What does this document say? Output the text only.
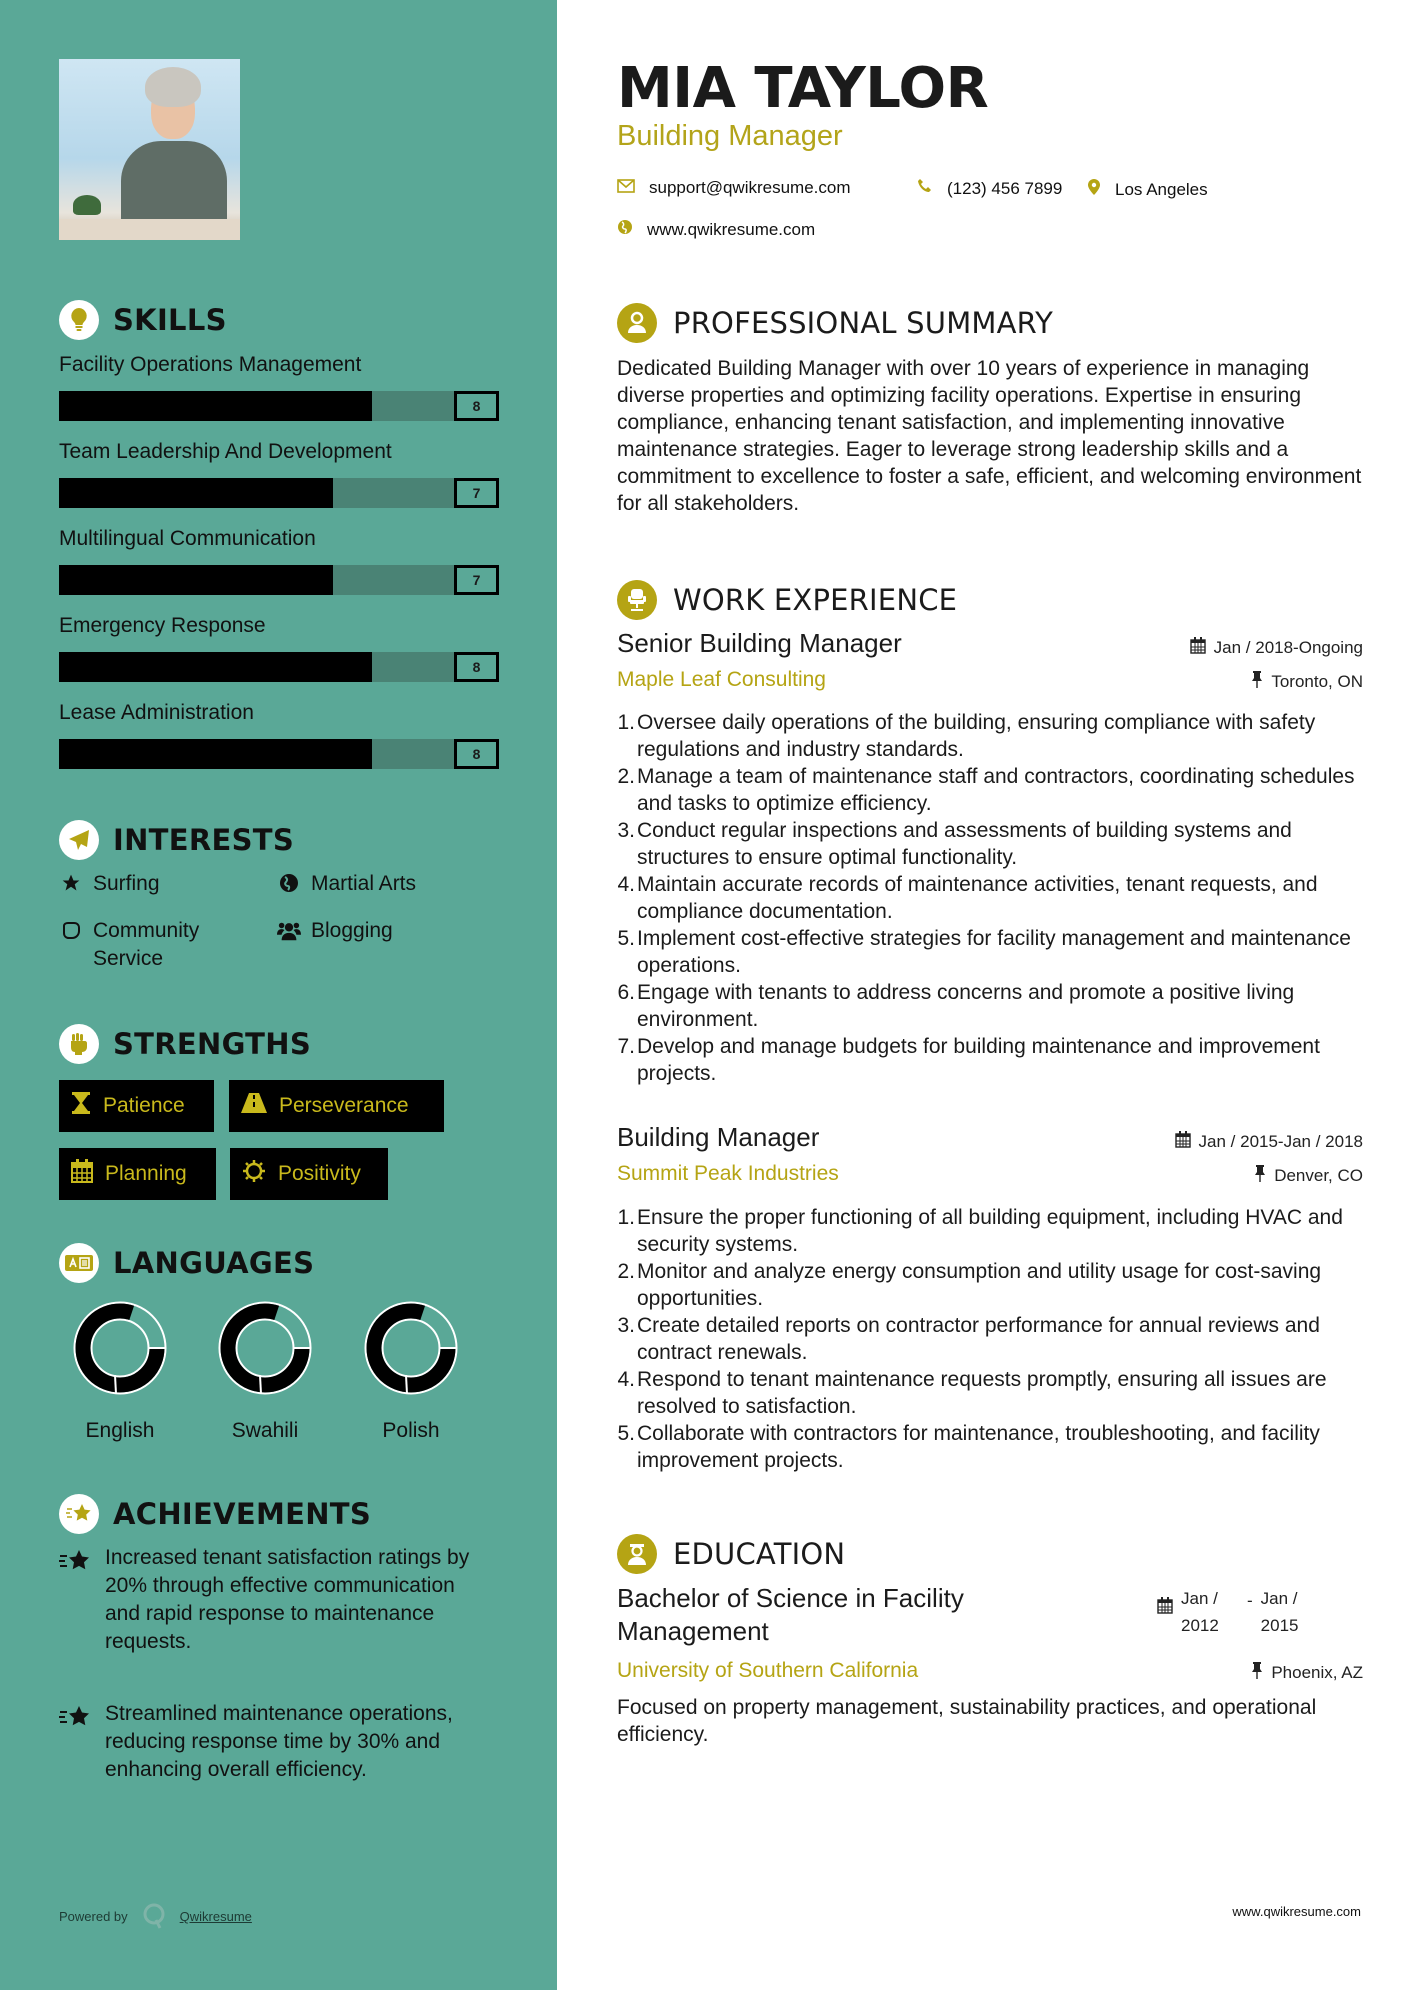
SKILLS
Facility Operations Management
8
Team Leadership And Development
7
Multilingual Communication
7
Emergency Response
8
Lease Administration
8
INTERESTS
Surfing	Martial Arts
Community Service
Blogging
STRENGTHS
Patience	Perseverance
Planning	Positivity
LANGUAGES
English	Swahili	Polish
ACHIEVEMENTS
Increased tenant satisfaction ratings by 20% through effective communication and rapid response to maintenance requests.
Streamlined maintenance operations, reducing response time by 30% and enhancing overall efficiency.
Powered by	Qwikresume
MIA TAYLOR
Building Manager
support@qwikresume.com	(123) 456 7899	Los Angeles
www.qwikresume.com
PROFESSIONAL SUMMARY
Dedicated Building Manager with over 10 years of experience in managing diverse properties and optimizing facility operations. Expertise in ensuring compliance, enhancing tenant satisfaction, and implementing innovative maintenance strategies. Eager to leverage strong leadership skills and a commitment to excellence to foster a safe, efficient, and welcoming environment for all stakeholders.
WORK EXPERIENCE
Senior Building Manager	Jan / 2018-Ongoing
Maple Leaf Consulting	Toronto, ON
1. Oversee daily operations of the building, ensuring compliance with safety regulations and industry standards.
2. Manage a team of maintenance staff and contractors, coordinating schedules and tasks to optimize efficiency.
3. Conduct regular inspections and assessments of building systems and structures to ensure optimal functionality.
4. Maintain accurate records of maintenance activities, tenant requests, and compliance documentation.
5. Implement cost-effective strategies for facility management and maintenance operations.
6. Engage with tenants to address concerns and promote a positive living environment.
7. Develop and manage budgets for building maintenance and improvement projects.
Building Manager	Jan / 2015-Jan / 2018
Summit Peak Industries	Denver, CO
1. Ensure the proper functioning of all building equipment, including HVAC and security systems.
2. Monitor and analyze energy consumption and utility usage for cost-saving opportunities.
3. Create detailed reports on contractor performance for annual reviews and contract renewals.
4. Respond to tenant maintenance requests promptly, ensuring all issues are resolved to satisfaction.
5. Collaborate with contractors for maintenance, troubleshooting, and facility improvement projects.
EDUCATION
Bachelor of Science in Facility Management
Jan / 2012
- Jan / 2015
University of Southern California	Phoenix, AZ
Focused on property management, sustainability practices, and operational efficiency.
www.qwikresume.com
